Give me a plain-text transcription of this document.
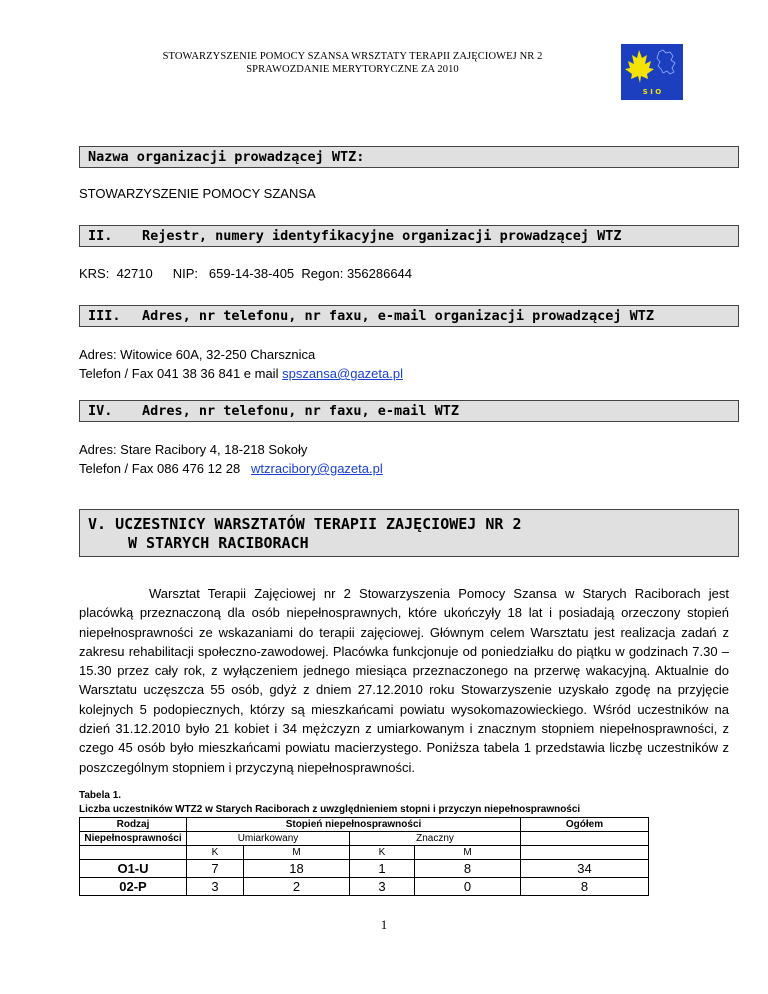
STOWARZYSZENIE POMOCY SZANSA WRSZTATY TERAPII ZAJĘCIOWEJ NR 2
SPRAWOZDANIE MERYTORYCZNE ZA 2010
S I O
Nazwa organizacji prowadzącej WTZ:
STOWARZYSZENIE POMOCY SZANSA
II.	Rejestr, numery identyfikacyjne organizacji prowadzącej WTZ
KRS: 42710 NIP: 659-14-38-405 Regon: 356286644
III.	Adres, nr telefonu, nr faxu, e-mail organizacji prowadzącej WTZ
Adres: Witowice 60A, 32-250 Charsznica
Telefon / Fax 041 38 36 841 e mail spszansa@gazeta.pl
IV.	Adres, nr telefonu, nr faxu, e-mail WTZ
Adres: Stare Racibory 4, 18-218 Sokoły
Telefon / Fax 086 476 12 28 wtzracibory@gazeta.pl
V. UCZESTNICY WARSZTATÓW TERAPII ZAJĘCIOWEJ NR 2
W STARYCH RACIBORACH
Warsztat Terapii Zajęciowej nr 2 Stowarzyszenia Pomocy Szansa w Starych Raciborach jest placówką przeznaczoną dla osób niepełnosprawnych, które ukończyły 18 lat i posiadają orzeczony stopień niepełnosprawności ze wskazaniami do terapii zajęciowej. Głównym celem Warsztatu jest realizacja zadań z zakresu rehabilitacji społeczno-zawodowej. Placówka funkcjonuje od poniedziałku do piątku w godzinach 7.30 – 15.30 przez cały rok, z wyłączeniem jednego miesiąca przeznaczonego na przerwę wakacyjną. Aktualnie do Warsztatu uczęszcza 55 osób, gdyż z dniem 27.12.2010 roku Stowarzyszenie uzyskało zgodę na przyjęcie kolejnych 5 podopiecznych, którzy są mieszkańcami powiatu wysokomazowieckiego. Wśród uczestników na dzień 31.12.2010 było 21 kobiet i 34 mężczyzn z umiarkowanym i znacznym stopniem niepełnosprawności, z czego 45 osób było mieszkańcami powiatu macierzystego. Poniższa tabela 1 przedstawia liczbę uczestników z poszczególnym stopniem i przyczyną niepełnosprawności.
Tabela 1.
Liczba uczestników WTZ2 w Starych Raciborach z uwzględnieniem stopni i przyczyn niepełnosprawności
Rodzaj	Stopień niepełnosprawności				Ogółem
Niepełnosprawności	Umiarkowany		Znaczny		
	K	M	K	M	
O1-U	7	18	1	8	34
02-P	3	2	3	0	8
1
